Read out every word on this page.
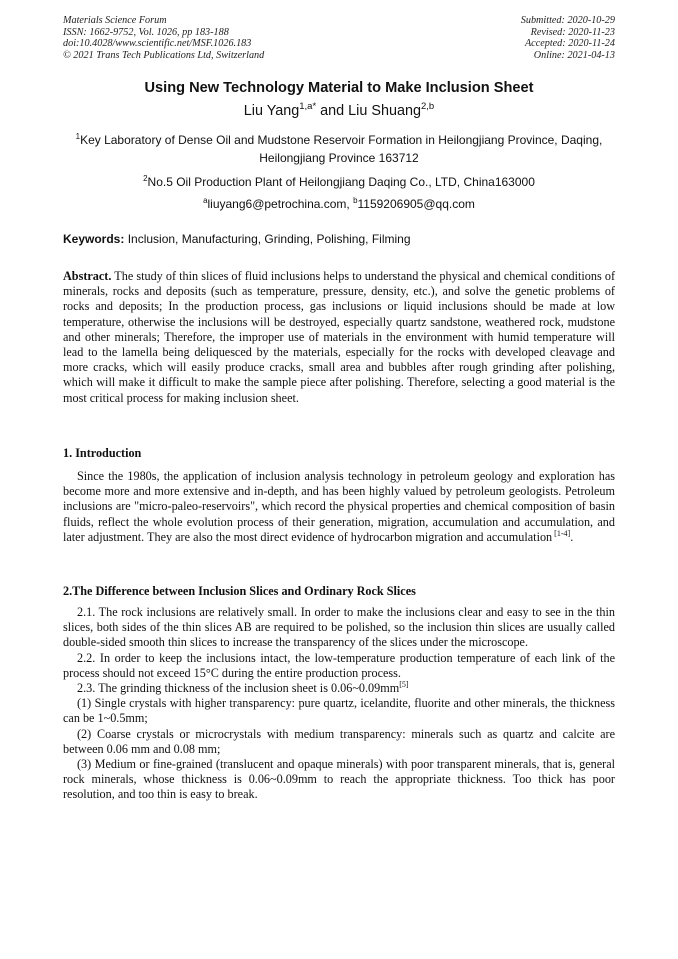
Materials Science Forum
ISSN: 1662-9752, Vol. 1026, pp 183-188
doi:10.4028/www.scientific.net/MSF.1026.183
© 2021 Trans Tech Publications Ltd, Switzerland
Submitted: 2020-10-29
Revised: 2020-11-23
Accepted: 2020-11-24
Online: 2021-04-13
Using New Technology Material to Make Inclusion Sheet
Liu Yang$^{1,a*}$ and Liu Shuang$^{2,b}$
$^1$Key Laboratory of Dense Oil and Mudstone Reservoir Formation in Heilongjiang Province, Daqing, Heilongjiang Province 163712
$^2$No.5 Oil Production Plant of Heilongjiang Daqing Co., LTD, China163000
$^a$liuyang6@petrochina.com, $^b$1159206905@qq.com
Keywords: Inclusion, Manufacturing, Grinding, Polishing, Filming
Abstract. The study of thin slices of fluid inclusions helps to understand the physical and chemical conditions of minerals, rocks and deposits (such as temperature, pressure, density, etc.), and solve the genetic problems of rocks and deposits; In the production process, gas inclusions or liquid inclusions should be made at low temperature, otherwise the inclusions will be destroyed, especially quartz sandstone, weathered rock, mudstone and other minerals; Therefore, the improper use of materials in the environment with humid temperature will lead to the lamella being deliquesced by the materials, especially for the rocks with developed cleavage and more cracks, which will easily produce cracks, small area and bubbles after rough grinding after polishing, which will make it difficult to make the sample piece after polishing. Therefore, selecting a good material is the most critical process for making inclusion sheet.
1. Introduction
Since the 1980s, the application of inclusion analysis technology in petroleum geology and exploration has become more and more extensive and in-depth, and has been highly valued by petroleum geologists. Petroleum inclusions are "micro-paleo-reservoirs", which record the physical properties and chemical composition of basin fluids, reflect the whole evolution process of their generation, migration, accumulation and accumulation, and later adjustment. They are also the most direct evidence of hydrocarbon migration and accumulation [1-4].
2.The Difference between Inclusion Slices and Ordinary Rock Slices

2.1. The rock inclusions are relatively small. In order to make the inclusions clear and easy to see in the thin slices, both sides of the thin slices AB are required to be polished, so the inclusion thin slices are usually called double-sided smooth thin slices to increase the transparency of the slices under the microscope.

2.2. In order to keep the inclusions intact, the low-temperature production temperature of each link of the process should not exceed 15°C during the entire production process.

2.3. The grinding thickness of the inclusion sheet is 0.06~0.09mm[5]

(1) Single crystals with higher transparency: pure quartz, icelandite, fluorite and other minerals, the thickness can be 1~0.5mm;

(2) Coarse crystals or microcrystals with medium transparency: minerals such as quartz and calcite are between 0.06 mm and 0.08 mm;

(3) Medium or fine-grained (translucent and opaque minerals) with poor transparent minerals, that is, general rock minerals, whose thickness is 0.06~0.09mm to reach the appropriate thickness. Too thick has poor resolution, and too thin is easy to break.
